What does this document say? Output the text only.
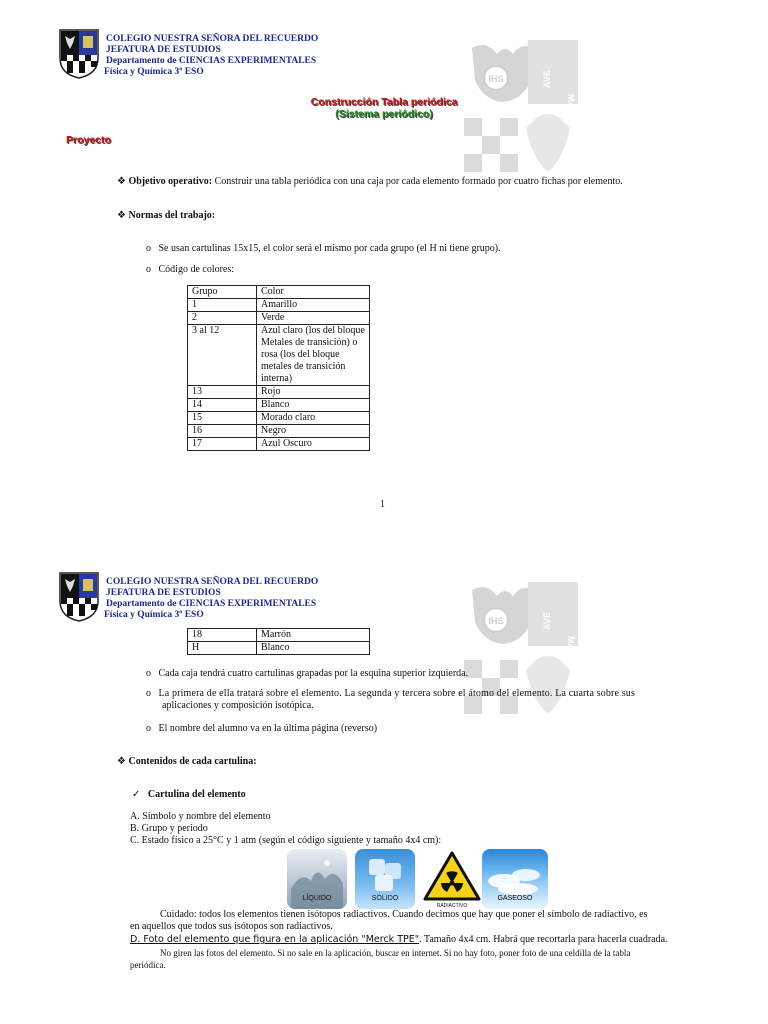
COLEGIO NUESTRA SEÑORA DEL RECUERDO
JEFATURA DE ESTUDIOS
Departamento de CIENCIAS EXPERIMENTALES
Física y Química 3º ESO
IHS	AVE
MARIA
Construcción Tabla periódica
(Sistema periódico)
Proyecto
❖ Objetivo operativo: Construir una tabla periódica con una caja por cada elemento formado por cuatro fichas por elemento.
❖ Normas del trabajo:
o Se usan cartulinas 15x15, el color será el mismo por cada grupo (el H ni tiene grupo).
o Código de colores:
Grupo	Color
1	Amarillo
2	Verde
3 al 12	Azul claro (los del bloque Metales de transición) o rosa (los del bloque metales de transición interna)
13	Rojo
14	Blanco
15	Morado claro
16	Negro
17	Azul Oscuro
1
COLEGIO NUESTRA SEÑORA DEL RECUERDO
JEFATURA DE ESTUDIOS
Departamento de CIENCIAS EXPERIMENTALES
Física y Química 3º ESO
IHS	AVE
MARIA
18	Marrón
H	Blanco
o Cada caja tendrá cuatro cartulinas grapadas por la esquina superior izquierda.
o La primera de ella tratará sobre el elemento. La segunda y tercera sobre el átomo del elemento. La cuarta sobre sus
aplicaciones y composición isotópica.
o El nombre del alumno va en la última página (reverso)
❖ Contenidos de cada cartulina:
✓ Cartulina del elemento
A. Símbolo y nombre del elemento
B. Grupo y periodo
C. Estado físico a 25°C y 1 atm (según el código siguiente y tamaño 4x4 cm):
LÍQUIDO	SÓLIDO
RADIACTIVO
GASEOSO
Cuidado: todos los elementos tienen isótopos radiactivos. Cuando decimos que hay que poner el símbolo de radiactivo, es
en aquellos que todos sus isótopos son radiactivos.
D. Foto del elemento que figura en la aplicación "Merck TPE". Tamaño 4x4 cm. Habrá que recortarla para hacerla cuadrada.
No giren las fotos del elemento. Si no sale en la aplicación, buscar en internet. Si no hay foto, poner foto de una celdilla de la tabla
periódica.
